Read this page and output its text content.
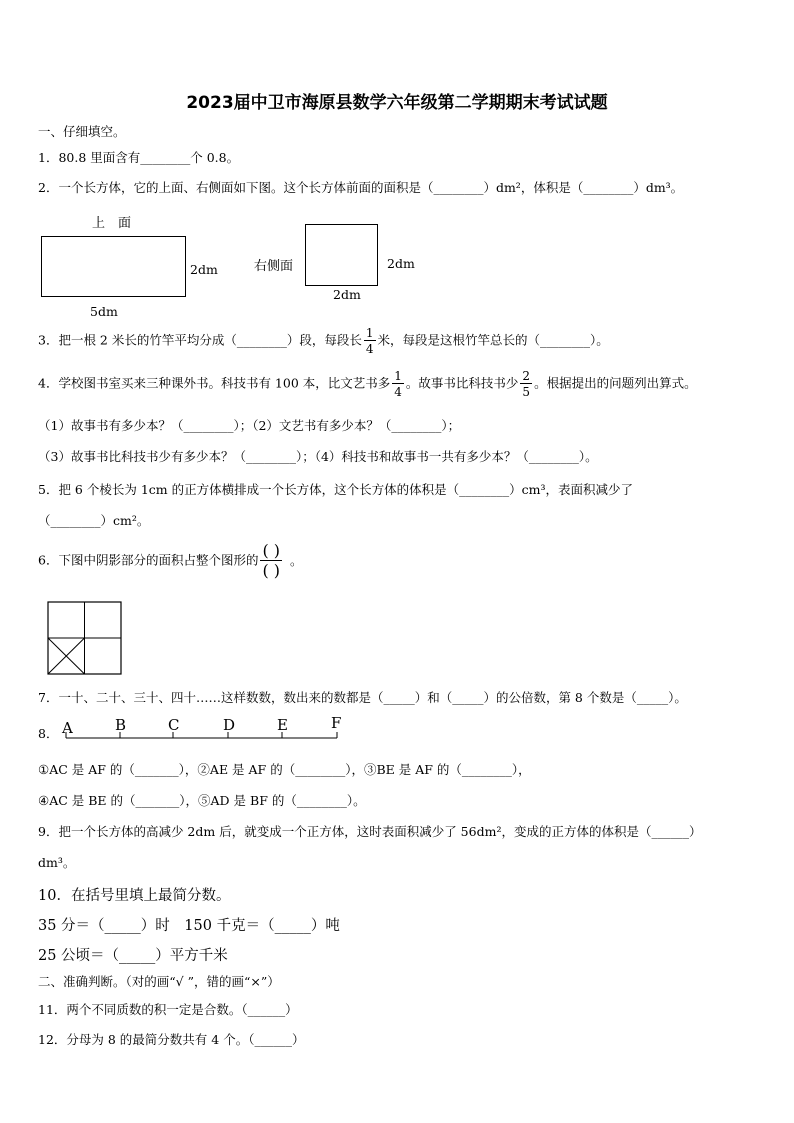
2023届中卫市海原县数学六年级第二学期期末考试试题
一、仔细填空。
1．80.8 里面含有________个 0.8。
2．一个长方体，它的上面、右侧面如下图。这个长方体前面的面积是（________）dm²，体积是（________）dm³。
上　面
2dm
5dm
右侧面	2dm
2dm
3．把一根 2 米长的竹竿平均分成（________）段，每段长 $\frac{1}{4}$ 米，每段是这根竹竿总长的（________）。
4．学校图书室买来三种课外书。科技书有 100 本，比文艺书多 $\frac{1}{4}$ 。故事书比科技书少 $\frac{2}{5}$ 。根据提出的问题列出算式。
（1）故事书有多少本？（________）；（2）文艺书有多少本？（________）；
（3）故事书比科技书少有多少本？（________）；（4）科技书和故事书一共有多少本？（________）。
5．把 6 个棱长为 1cm 的正方体横排成一个长方体，这个长方体的体积是（________）cm³，表面积减少了
（________）cm²。
6．下图中阴影部分的面积占整个图形的 $\frac{( )}{( )}$ 。
7．一十、二十、三十、四十……这样数数，数出来的数都是（_____）和（_____）的公倍数，第 8 个数是（_____）。
8． A	B	C	D	E	F
①AC 是 AF 的（_______），②AE 是 AF 的（________），③BE 是 AF 的（________），
④AC 是 BE 的（_______），⑤AD 是 BF 的（________）。
9．把一个长方体的高减少 2dm 后，就变成一个正方体，这时表面积减少了 56dm²，变成的正方体的体积是（______）
dm³。
10．在括号里填上最简分数。
35 分＝（_____）时　150 千克＝（_____）吨
25 公顷＝（_____）平方千米
二、准确判断。（对的画“√ ”，错的画“×”）
11．两个不同质数的积一定是合数。（______）
12．分母为 8 的最简分数共有 4 个。（______）
